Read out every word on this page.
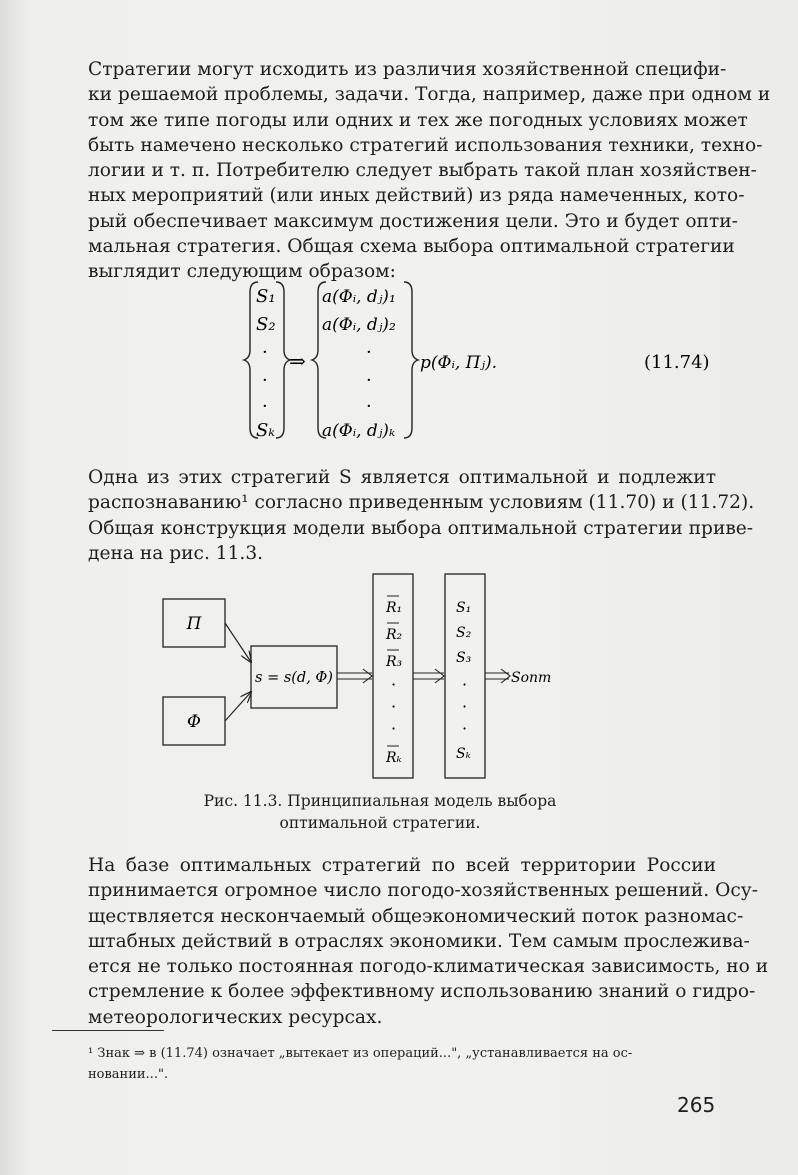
Стратегии могут исходить из различия хозяйственной специфи-
ки решаемой проблемы, задачи. Тогда, например, даже при одном и
том же типе погоды или одних и тех же погодных условиях может
быть намечено несколько стратегий использования техники, техно-
логии и т. п. Потребителю следует выбрать такой план хозяйствен-
ных мероприятий (или иных действий) из ряда намеченных, кото-
рый обеспечивает максимум достижения цели. Это и будет опти-
мальная стратегия. Общая схема выбора оптимальной стратегии
выглядит следующим образом:
S₁
S₂
·
·
·
Sₖ
⇒
a(Φᵢ, dⱼ)₁
a(Φᵢ, dⱼ)₂
·
·
·
a(Φᵢ, dⱼ)ₖ
p(Φᵢ, Πⱼ).	(11.74)
Одна из этих стратегий S является оптимальной и подлежит
распознаванию¹ согласно приведенным условиям (11.70) и (11.72).
Общая конструкция модели выбора оптимальной стратегии приве-
дена на рис. 11.3.
П
Φ
s = s(d, Φ)
R₁
R₂
R₃
·
·
·
Rₖ
S₁
S₂
S₃
·
·
·
Sₖ
Sопт
Рис. 11.3. Принципиальная модель выбора
оптимальной стратегии.
На базе оптимальных стратегий по всей территории России
принимается огромное число погодо-хозяйственных решений. Осу-
ществляется нескончаемый общеэкономический поток разномас-
штабных действий в отраслях экономики. Тем самым прослежива-
ется не только постоянная погодо-климатическая зависимость, но и
стремление к более эффективному использованию знаний о гидро-
метеорологических ресурсах.
¹ Знак ⇒ в (11.74) означает „вытекает из операций...", „устанавливается на ос-
новании...".
265
